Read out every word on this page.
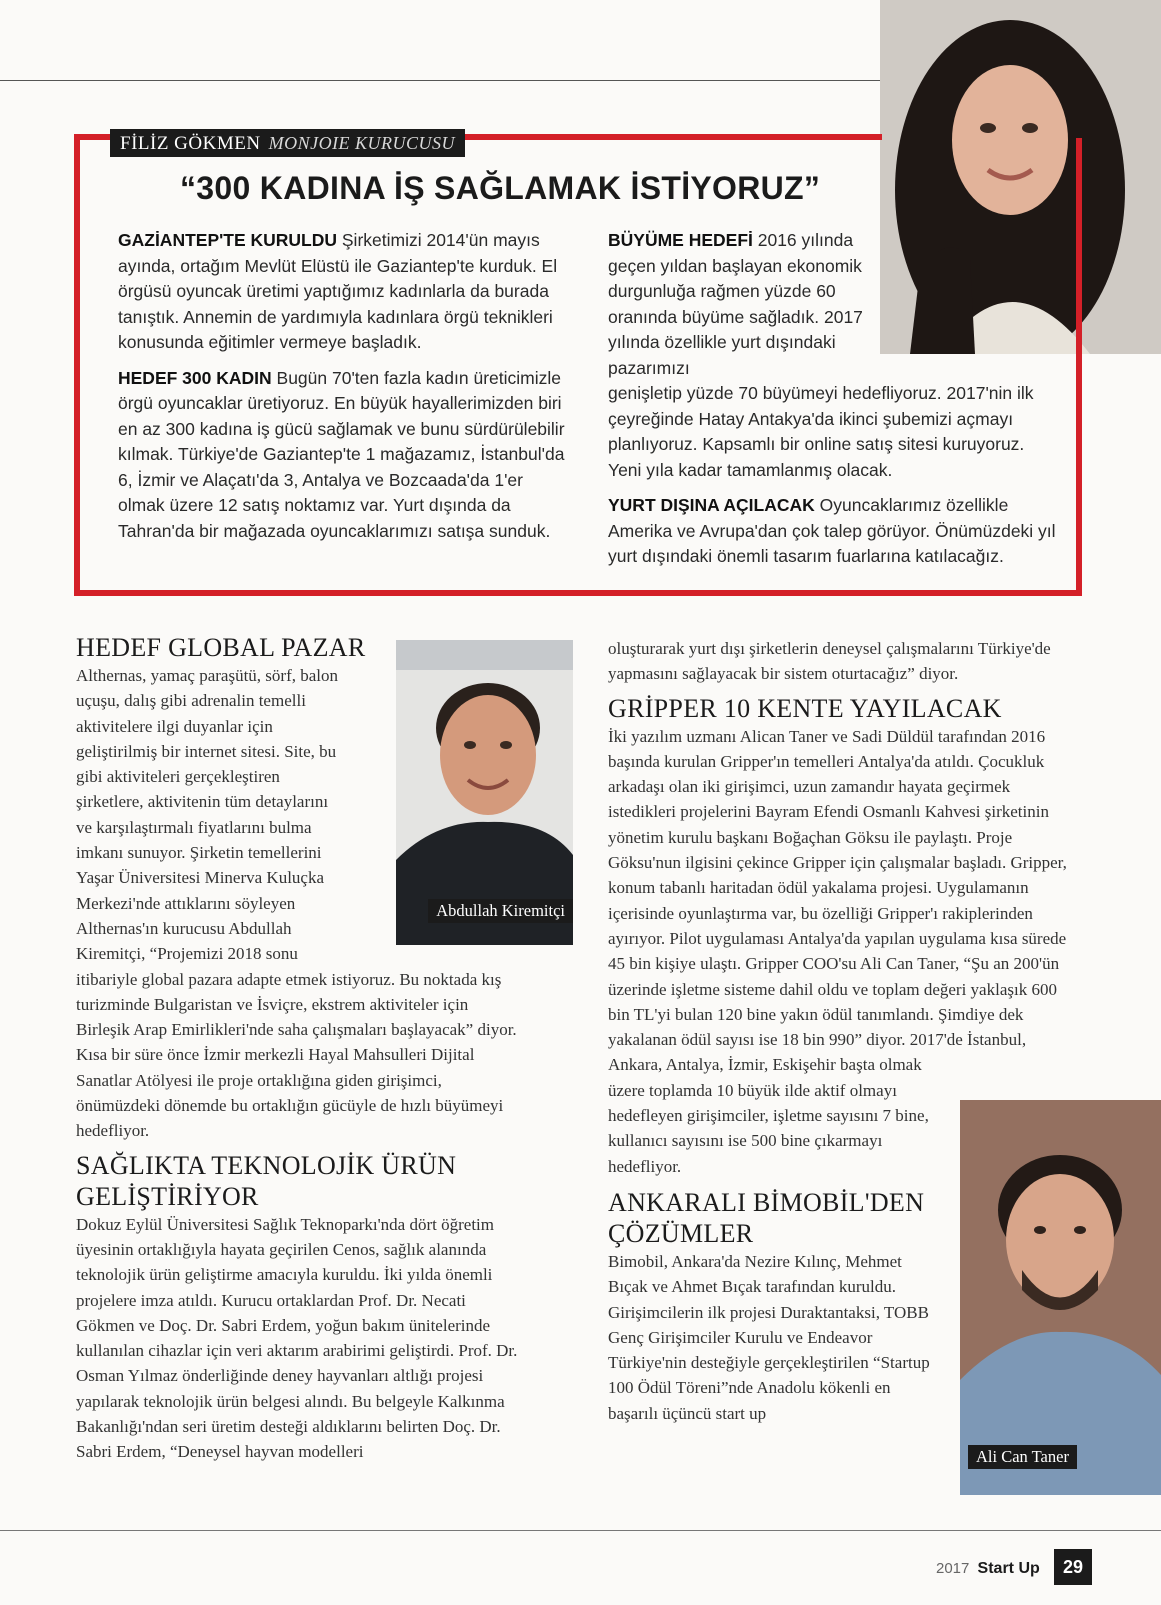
FİLİZ GÖKMEN MONJOIE KURUCUSU
“300 KADINA İŞ SAĞLAMAK İSTİYORUZ”

GAZİANTEP'TE KURULDU Şirketimizi 2014'ün mayıs ayında, ortağım Mevlüt Elüstü ile Gaziantep'te kurduk. El örgüsü oyuncak üretimi yaptığımız kadınlarla da burada tanıştık. Annemin de yardımıyla kadınlara örgü teknikleri konusunda eğitimler vermeye başladık.

HEDEF 300 KADIN Bugün 70'ten fazla kadın üreticimizle örgü oyuncaklar üretiyoruz. En büyük hayallerimizden biri en az 300 kadına iş gücü sağlamak ve bunu sürdürülebilir kılmak. Türkiye'de Gaziantep'te 1 mağazamız, İstanbul'da 6, İzmir ve Alaçatı'da 3, Antalya ve Bozcaada'da 1'er olmak üzere 12 satış noktamız var. Yurt dışında da Tahran'da bir mağazada oyuncaklarımızı satışa sunduk.

BÜYÜME HEDEFİ 2016 yılında geçen yıldan başlayan ekonomik durgunluğa rağmen yüzde 60 oranında büyüme sağladık. 2017 yılında özellikle yurt dışındaki pazarımızı

genişletip yüzde 70 büyümeyi hedefliyoruz. 2017'nin ilk çeyreğinde Hatay Antakya'da ikinci şubemizi açmayı planlıyoruz. Kapsamlı bir online satış sitesi kuruyoruz. Yeni yıla kadar tamamlanmış olacak.

YURT DIŞINA AÇILACAK Oyuncaklarımız özellikle Amerika ve Avrupa'dan çok talep görüyor. Önümüzdeki yıl yurt dışındaki önemli tasarım fuarlarına katılacağız.

Abdullah Kiremitçi
Ali Can Taner
HEDEF GLOBAL PAZAR

Althernas, yamaç paraşütü, sörf, balon uçuşu, dalış gibi adrenalin temelli aktivitelere ilgi duyanlar için geliştirilmiş bir internet sitesi. Site, bu gibi aktiviteleri gerçekleştiren şirketlere, aktivitenin tüm detaylarını ve karşılaştırmalı fiyatlarını bulma imkanı sunuyor. Şirketin temellerini Yaşar Üniversitesi Minerva Kuluçka Merkezi'nde attıklarını söyleyen Althernas'ın kurucusu Abdullah Kiremitçi, “Projemizi 2018 sonu itibariyle global pazara adapte etmek istiyoruz. Bu noktada kış turizminde Bulgaristan ve İsviçre, ekstrem aktiviteler için Birleşik Arap Emirlikleri'nde saha çalışmaları başlayacak” diyor. Kısa bir süre önce İzmir merkezli Hayal Mahsulleri Dijital Sanatlar Atölyesi ile proje ortaklığına giden girişimci, önümüzdeki dönemde bu ortaklığın gücüyle de hızlı büyümeyi hedefliyor.

SAĞLIKTA TEKNOLOJİK ÜRÜN GELİŞTİRİYOR

Dokuz Eylül Üniversitesi Sağlık Teknoparkı'nda dört öğretim üyesinin ortaklığıyla hayata geçirilen Cenos, sağlık alanında teknolojik ürün geliştirme amacıyla kuruldu. İki yılda önemli projelere imza atıldı. Kurucu ortaklardan Prof. Dr. Necati Gökmen ve Doç. Dr. Sabri Erdem, yoğun bakım ünitelerinde kullanılan cihazlar için veri aktarım arabirimi geliştirdi. Prof. Dr. Osman Yılmaz önderliğinde deney hayvanları altlığı projesi yapılarak teknolojik ürün belgesi alındı. Bu belgeyle Kalkınma Bakanlığı'ndan seri üretim desteği aldıklarını belirten Doç. Dr. Sabri Erdem, “Deneysel hayvan modelleri

oluşturarak yurt dışı şirketlerin deneysel çalışmalarını Türkiye'de yapmasını sağlayacak bir sistem oturtacağız” diyor.

GRİPPER 10 KENTE YAYILACAK

İki yazılım uzmanı Alican Taner ve Sadi Düldül tarafından 2016 başında kurulan Gripper'ın temelleri Antalya'da atıldı. Çocukluk arkadaşı olan iki girişimci, uzun zamandır hayata geçirmek istedikleri projelerini Bayram Efendi Osmanlı Kahvesi şirketinin yönetim kurulu başkanı Boğaçhan Göksu ile paylaştı. Proje Göksu'nun ilgisini çekince Gripper için çalışmalar başladı. Gripper, konum tabanlı haritadan ödül yakalama projesi. Uygulamanın içerisinde oyunlaştırma var, bu özelliği Gripper'ı rakiplerinden ayırıyor. Pilot uygulaması Antalya'da yapılan uygulama kısa sürede 45 bin kişiye ulaştı. Gripper COO'su Ali Can Taner, “Şu an 200'ün üzerinde işletme sisteme dahil oldu ve toplam değeri yaklaşık 600 bin TL'yi bulan 120 bine yakın ödül tanımlandı. Şimdiye dek yakalanan ödül sayısı ise 18 bin 990” diyor. 2017'de İstanbul,

Ankara, Antalya, İzmir, Eskişehir başta olmak üzere toplamda 10 büyük ilde aktif olmayı hedefleyen girişimciler, işletme sayısını 7 bine, kullanıcı sayısını ise 500 bine çıkarmayı hedefliyor.

ANKARALI BİMOBİL'DEN ÇÖZÜMLER

Bimobil, Ankara'da Nezire Kılınç, Mehmet Bıçak ve Ahmet Bıçak tarafından kuruldu. Girişimcilerin ilk projesi Duraktantaksi, TOBB Genç Girişimciler Kurulu ve Endeavor Türkiye'nin desteğiyle gerçekleştirilen “Startup 100 Ödül Töreni”nde Anadolu kökenli en başarılı üçüncü start up

2017 Start Up	29
